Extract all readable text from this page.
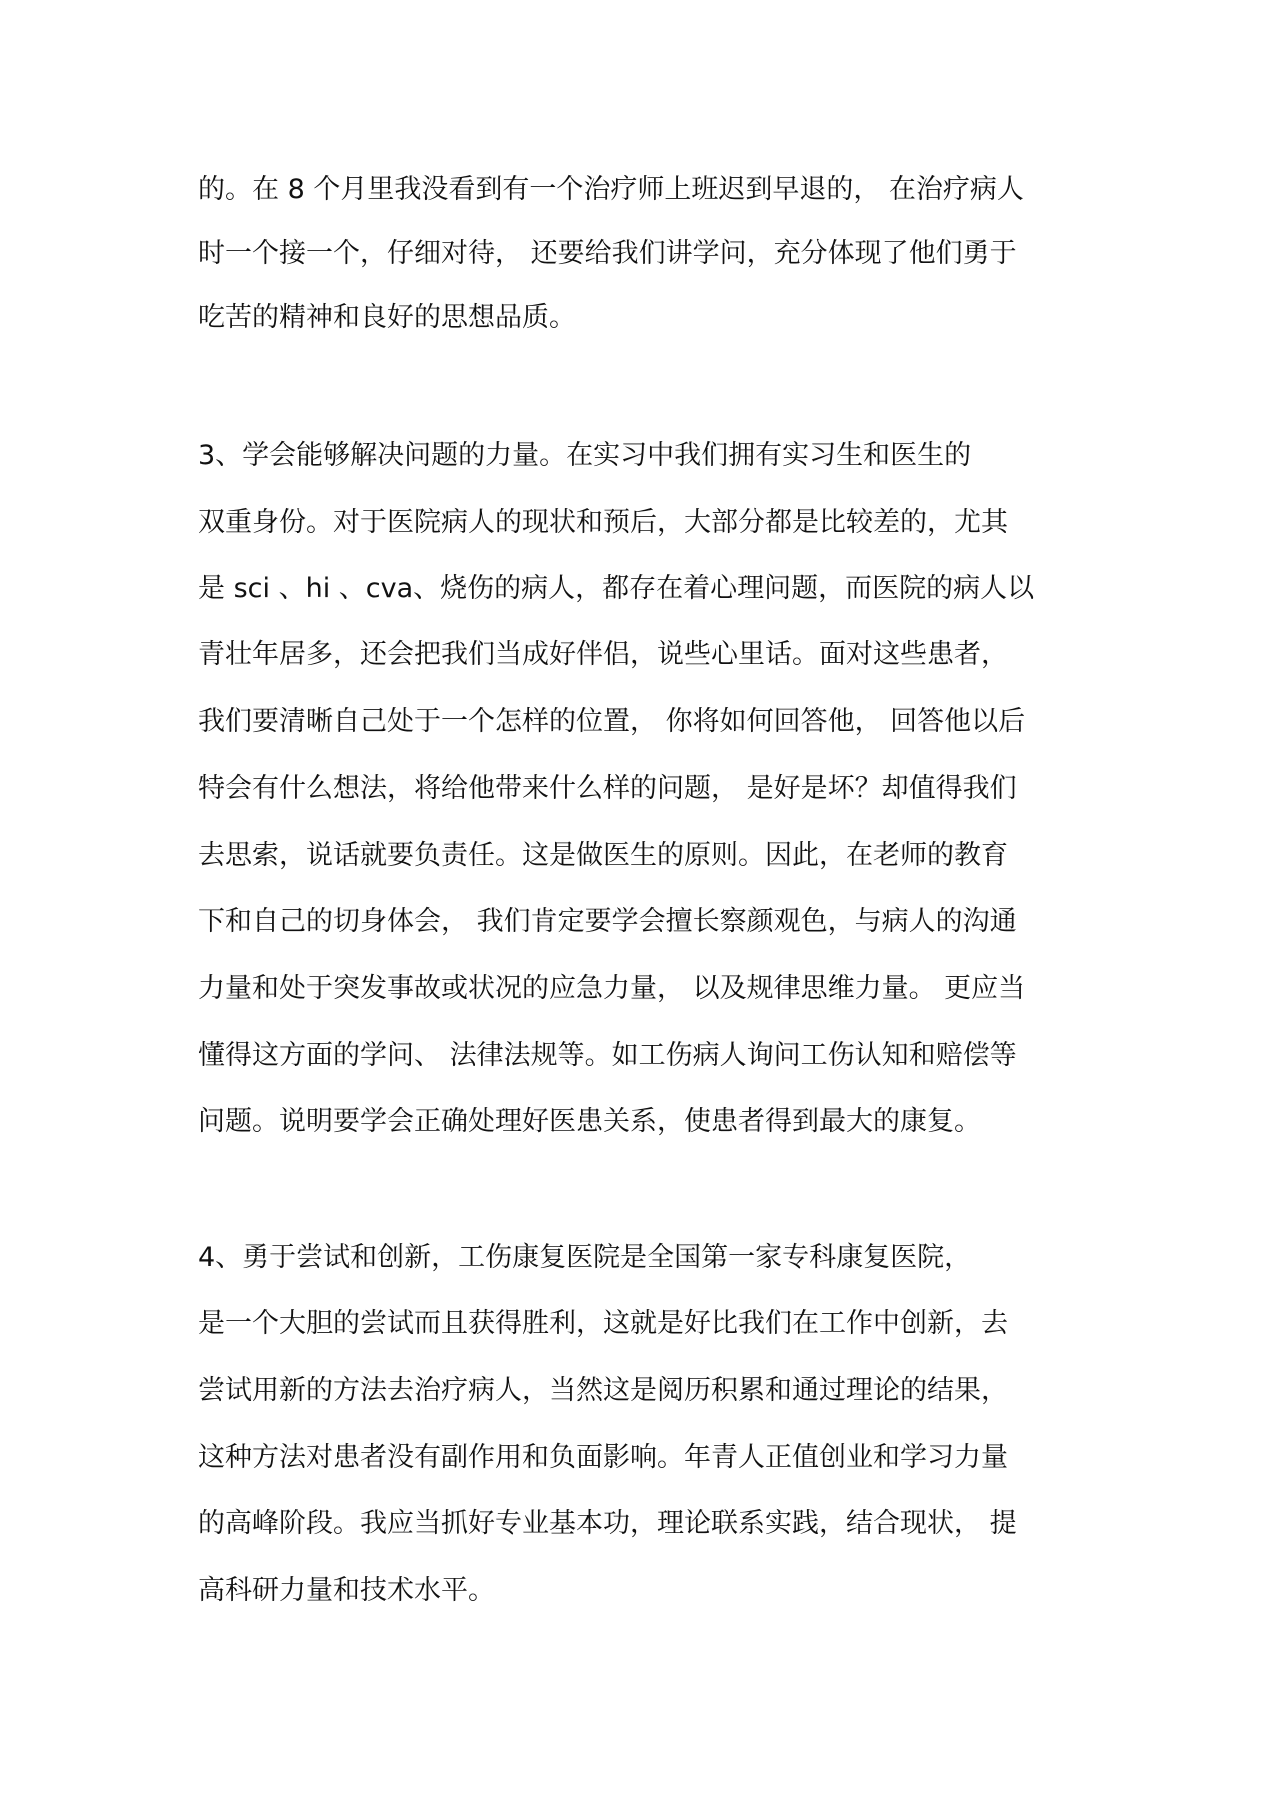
的。在 8 个月里我没看到有一个治疗师上班迟到早退的， 在治疗病人
时一个接一个，仔细对待， 还要给我们讲学问，充分体现了他们勇于
吃苦的精神和良好的思想品质。
3、学会能够解决问题的力量。在实习中我们拥有实习生和医生的
双重身份。对于医院病人的现状和预后，大部分都是比较差的，尤其
是 sci 、hi 、cva、烧伤的病人，都存在着心理问题，而医院的病人以
青壮年居多，还会把我们当成好伴侣，说些心里话。面对这些患者，
我们要清晰自己处于一个怎样的位置， 你将如何回答他， 回答他以后
特会有什么想法，将给他带来什么样的问题， 是好是坏？却值得我们
去思索，说话就要负责任。这是做医生的原则。因此，在老师的教育
下和自己的切身体会， 我们肯定要学会擅长察颜观色，与病人的沟通
力量和处于突发事故或状况的应急力量， 以及规律思维力量。 更应当
懂得这方面的学问、 法律法规等。如工伤病人询问工伤认知和赔偿等
问题。说明要学会正确处理好医患关系，使患者得到最大的康复。
4、勇于尝试和创新，工伤康复医院是全国第一家专科康复医院，
是一个大胆的尝试而且获得胜利，这就是好比我们在工作中创新，去
尝试用新的方法去治疗病人，当然这是阅历积累和通过理论的结果，
这种方法对患者没有副作用和负面影响。年青人正值创业和学习力量
的高峰阶段。我应当抓好专业基本功，理论联系实践，结合现状， 提
高科研力量和技术水平。
